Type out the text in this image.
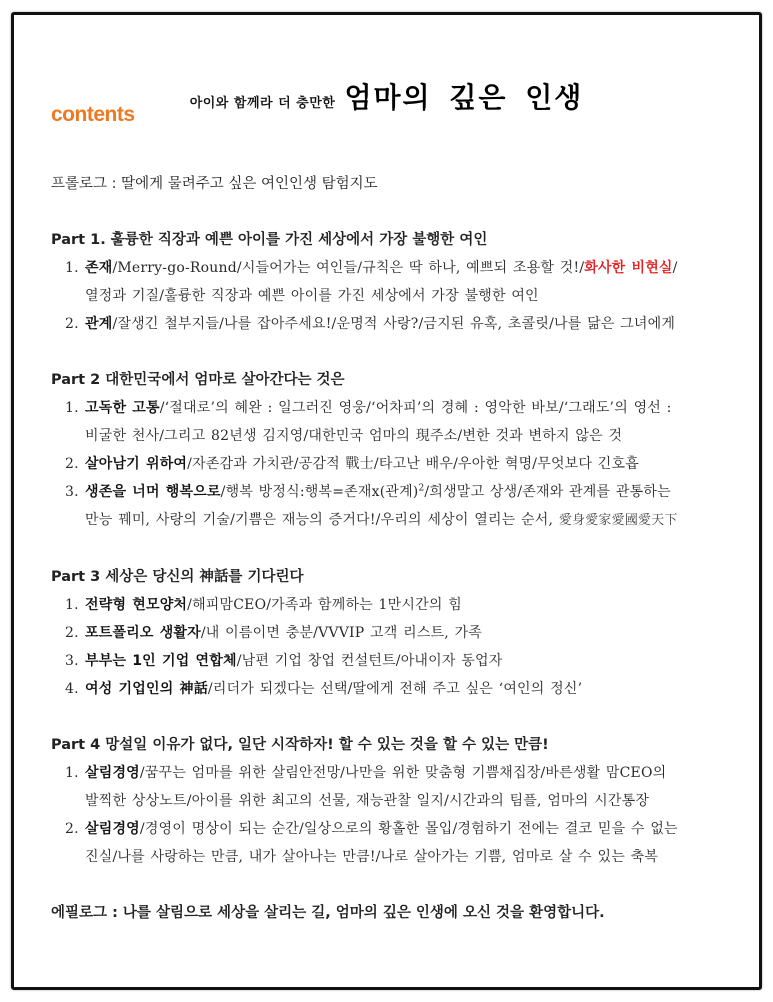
아이와 함께라 더 충만한 엄마의 깊은 인생
contents
프롤로그 : 딸에게 물려주고 싶은 여인인생 탐험지도
Part 1. 훌륭한 직장과 예쁜 아이를 가진 세상에서 가장 불행한 여인
1. 존재/Merry-go-Round/시들어가는 여인들/규칙은 딱 하나, 예쁘되 조용할 것!/화사한 비현실/
열정과 기질/훌륭한 직장과 예쁜 아이를 가진 세상에서 가장 불행한 여인
2. 관계/잘생긴 철부지들/나를 잡아주세요!/운명적 사랑?/금지된 유혹, 초콜릿/나를 닮은 그녀에게
Part 2 대한민국에서 엄마로 살아간다는 것은
1. 고독한 고통/‘절대로’의 혜완 : 일그러진 영웅/‘어차피’의 경혜 : 영악한 바보/‘그래도’의 영선 :
비굴한 천사/그리고 82년생 김지영/대한민국 엄마의 現주소/변한 것과 변하지 않은 것
2. 살아남기 위하여/자존감과 가치관/공감적 戰士/타고난 배우/우아한 혁명/무엇보다 긴호흡
3. 생존을 너머 행복으로/행복 방정식:행복=존재x(관계)$^2$/희생말고 상생/존재와 관계를 관통하는
만능 꿰미, 사랑의 기술/기쁨은 재능의 증거다!/우리의 세상이 열리는 순서, 愛身愛家愛國愛天下
Part 3 세상은 당신의 神話를 기다린다
1. 전략형 현모양처/해피맘CEO/가족과 함께하는 1만시간의 힘
2. 포트폴리오 생활자/내 이름이면 충분/VVVIP 고객 리스트, 가족
3. 부부는 1인 기업 연합체/남편 기업 창업 컨설턴트/아내이자 동업자
4. 여성 기업인의 神話/리더가 되겠다는 선택/딸에게 전해 주고 싶은 ‘여인의 정신’
Part 4 망설일 이유가 없다, 일단 시작하자! 할 수 있는 것을 할 수 있는 만큼!
1. 살림경영/꿈꾸는 엄마를 위한 살림안전망/나만을 위한 맞춤형 기쁨채집장/바른생활 맘CEO의
발찍한 상상노트/아이를 위한 최고의 선물, 재능관찰 일지/시간과의 팀플, 엄마의 시간통장
2. 살림경영/경영이 명상이 되는 순간/일상으로의 황홀한 몰입/경험하기 전에는 결코 믿을 수 없는
진실/나를 사랑하는 만큼, 내가 살아나는 만큼!/나로 살아가는 기쁨, 엄마로 살 수 있는 축복
에필로그 : 나를 살림으로 세상을 살리는 길, 엄마의 깊은 인생에 오신 것을 환영합니다.
